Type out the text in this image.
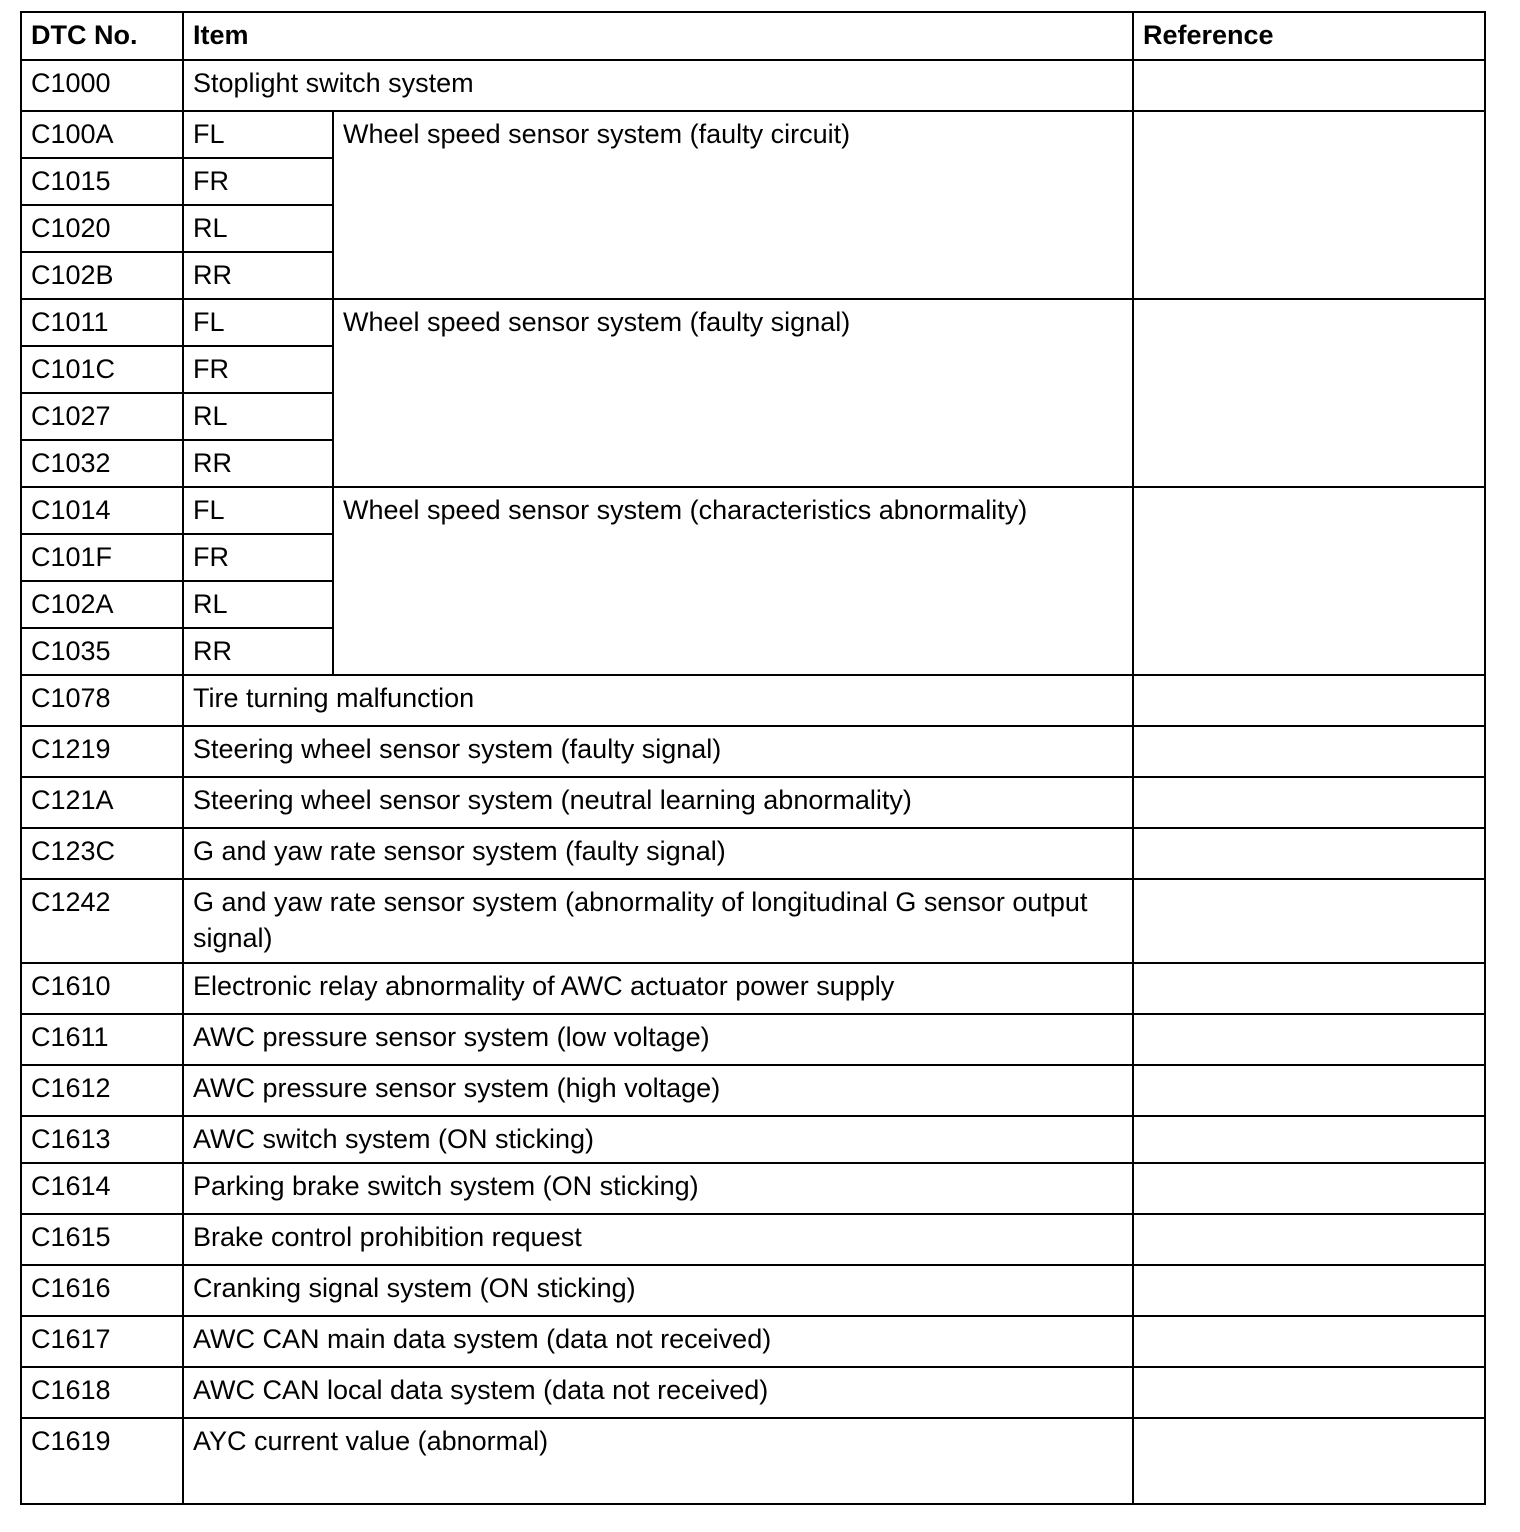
DTC No.	Item		Reference
C1000	Stoplight switch system		
C100A	FL	Wheel speed sensor system (faulty circuit)	
C1015	FR		
C1020	RL		
C102B	RR		
C1011	FL	Wheel speed sensor system (faulty signal)	
C101C	FR		
C1027	RL		
C1032	RR		
C1014	FL	Wheel speed sensor system (characteristics abnormality)	
C101F	FR		
C102A	RL		
C1035	RR		
C1078	Tire turning malfunction		
C1219	Steering wheel sensor system (faulty signal)		
C121A	Steering wheel sensor system (neutral learning abnormality)		
C123C	G and yaw rate sensor system (faulty signal)		
C1242	G and yaw rate sensor system (abnormality of longitudinal G sensor output signal)		
C1610	Electronic relay abnormality of AWC actuator power supply		
C1611	AWC pressure sensor system (low voltage)		
C1612	AWC pressure sensor system (high voltage)		
C1613	AWC switch system (ON sticking)		
C1614	Parking brake switch system (ON sticking)		
C1615	Brake control prohibition request		
C1616	Cranking signal system (ON sticking)		
C1617	AWC CAN main data system (data not received)		
C1618	AWC CAN local data system (data not received)		
C1619	AYC current value (abnormal)		
